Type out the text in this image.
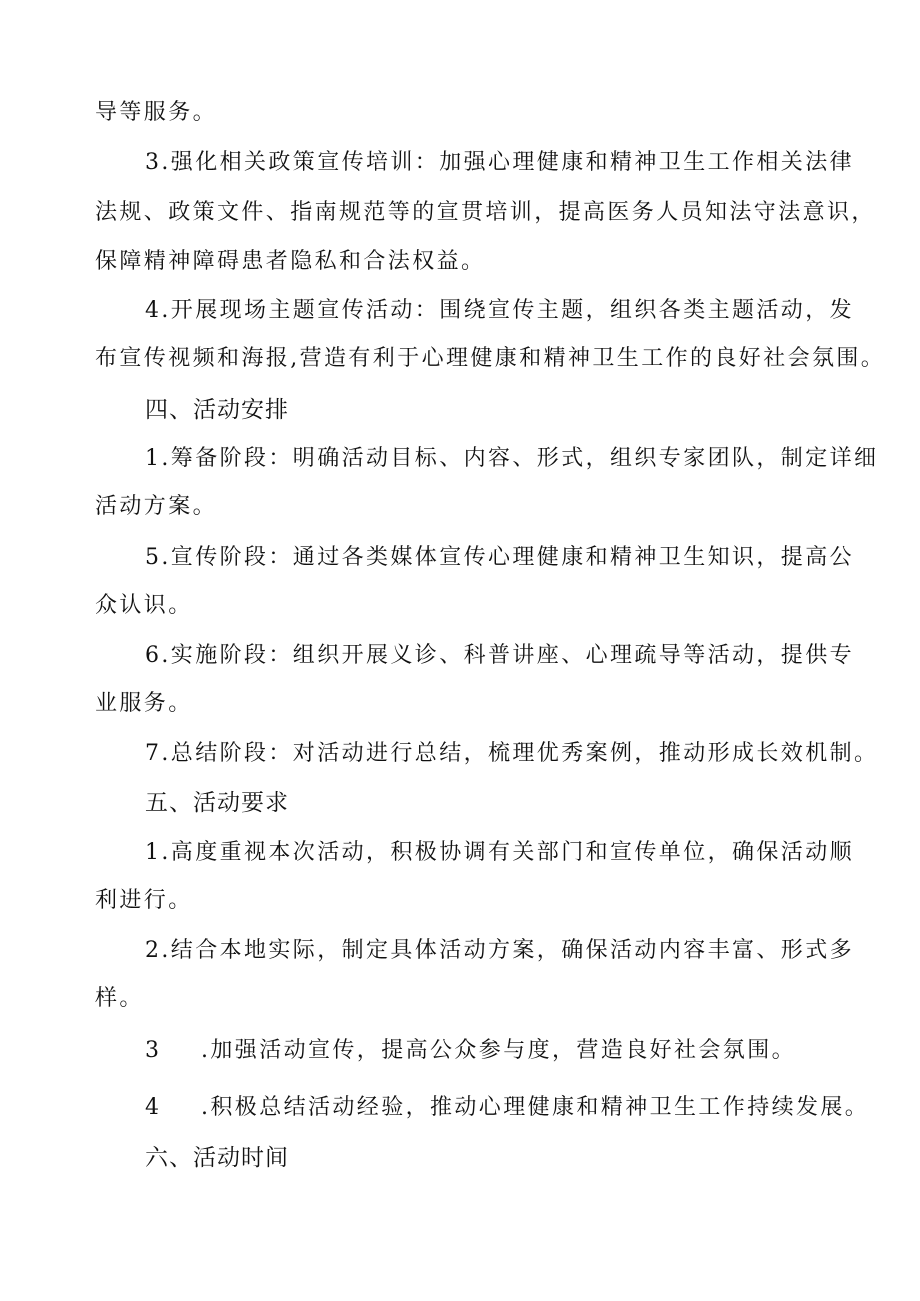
导等服务。
3.强化相关政策宣传培训：加强心理健康和精神卫生工作相关法律
法规、政策文件、指南规范等的宣贯培训，提高医务人员知法守法意识，
保障精神障碍患者隐私和合法权益。
4.开展现场主题宣传活动：围绕宣传主题，组织各类主题活动，发
布宣传视频和海报,营造有利于心理健康和精神卫生工作的良好社会氛围。
四、活动安排
1.筹备阶段：明确活动目标、内容、形式，组织专家团队，制定详细
活动方案。
5.宣传阶段：通过各类媒体宣传心理健康和精神卫生知识，提高公
众认识。
6.实施阶段：组织开展义诊、科普讲座、心理疏导等活动，提供专
业服务。
7.总结阶段：对活动进行总结，梳理优秀案例，推动形成长效机制。
五、活动要求
1.高度重视本次活动，积极协调有关部门和宣传单位，确保活动顺
利进行。
2.结合本地实际，制定具体活动方案，确保活动内容丰富、形式多
样。
3 .加强活动宣传，提高公众参与度，营造良好社会氛围。
4 .积极总结活动经验，推动心理健康和精神卫生工作持续发展。
六、活动时间
